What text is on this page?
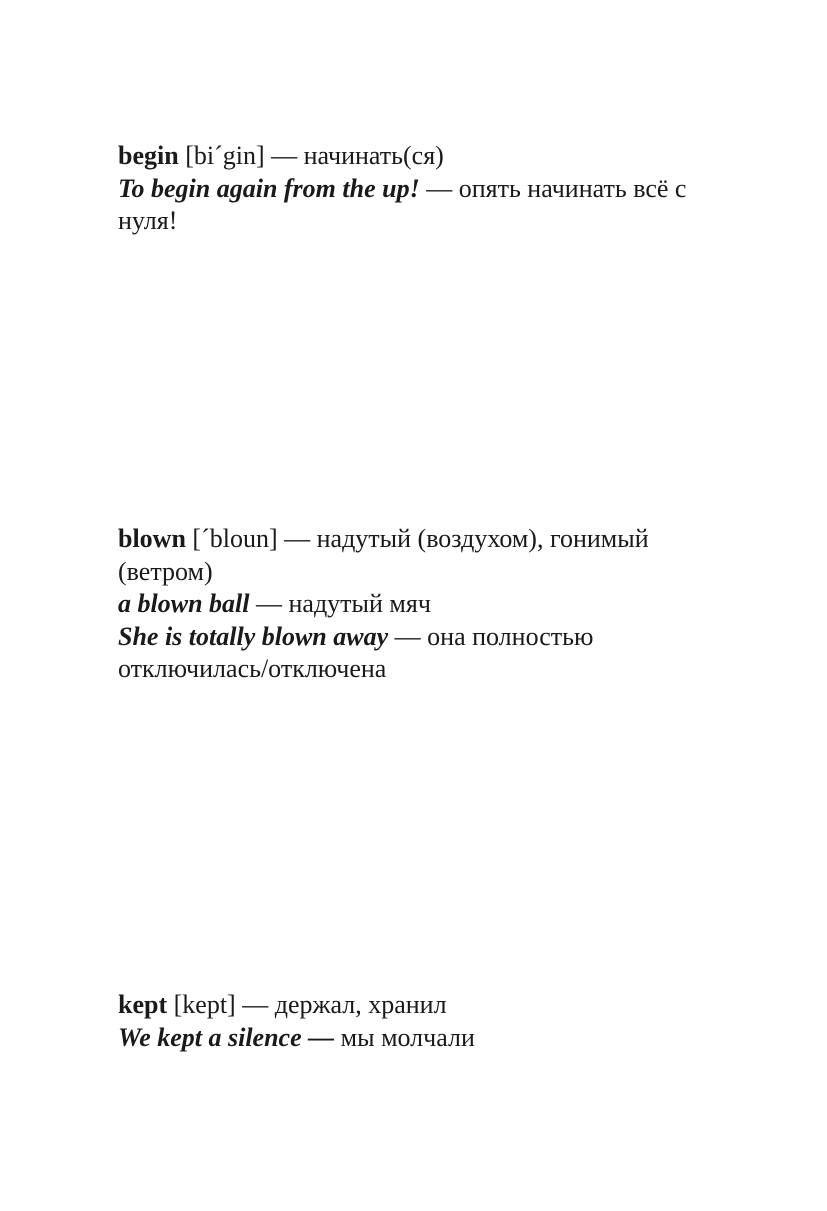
begin [bi´gin] — начинать(ся)
To begin again from the up! — опять начинать всё с нуля!
blown [´bloun] — надутый (воздухом), гонимый (ветром)
a blown ball — надутый мяч
She is totally blown away — она полностью отключилась/отключена
kept [kept] — держал, хранил
We kept a silence — мы молчали
